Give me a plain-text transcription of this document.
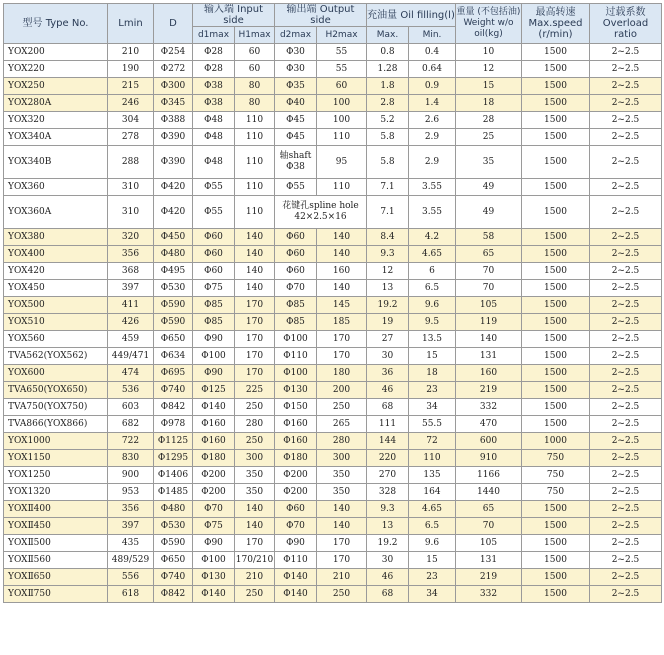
型号 Type No.	Lmin	D	输入端 Input side		输出端 Output side		充油量 Oil filling(l)		重量 (不包括油) Weight w/o oil(kg)	最高转速 Max.speed (r/min)	过载系数 Overload ratio
			d1max	H1max	d2max	H2max	Max.	Min.			
YOX200	210	Φ254	Φ28	60	Φ30	55	0.8	0.4	10	1500	2~2.5
YOX220	190	Φ272	Φ28	60	Φ30	55	1.28	0.64	12	1500	2~2.5
YOX250	215	Φ300	Φ38	80	Φ35	60	1.8	0.9	15	1500	2~2.5
YOX280A	246	Φ345	Φ38	80	Φ40	100	2.8	1.4	18	1500	2~2.5
YOX320	304	Φ388	Φ48	110	Φ45	100	5.2	2.6	28	1500	2~2.5
YOX340A	278	Φ390	Φ48	110	Φ45	110	5.8	2.9	25	1500	2~2.5
YOX340B	288	Φ390	Φ48	110	轴shaft Φ38	95	5.8	2.9	35	1500	2~2.5
YOX360	310	Φ420	Φ55	110	Φ55	110	7.1	3.55	49	1500	2~2.5
YOX360A	310	Φ420	Φ55	110	花键孔spline hole 42×2.5×16		7.1	3.55	49	1500	2~2.5
YOX380	320	Φ450	Φ60	140	Φ60	140	8.4	4.2	58	1500	2~2.5
YOX400	356	Φ480	Φ60	140	Φ60	140	9.3	4.65	65	1500	2~2.5
YOX420	368	Φ495	Φ60	140	Φ60	160	12	6	70	1500	2~2.5
YOX450	397	Φ530	Φ75	140	Φ70	140	13	6.5	70	1500	2~2.5
YOX500	411	Φ590	Φ85	170	Φ85	145	19.2	9.6	105	1500	2~2.5
YOX510	426	Φ590	Φ85	170	Φ85	185	19	9.5	119	1500	2~2.5
YOX560	459	Φ650	Φ90	170	Φ100	170	27	13.5	140	1500	2~2.5
TVA562(YOX562)	449/471	Φ634	Φ100	170	Φ110	170	30	15	131	1500	2~2.5
YOX600	474	Φ695	Φ90	170	Φ100	180	36	18	160	1500	2~2.5
TVA650(YOX650)	536	Φ740	Φ125	225	Φ130	200	46	23	219	1500	2~2.5
TVA750(YOX750)	603	Φ842	Φ140	250	Φ150	250	68	34	332	1500	2~2.5
TVA866(YOX866)	682	Φ978	Φ160	280	Φ160	265	111	55.5	470	1500	2~2.5
YOX1000	722	Φ1125	Φ160	250	Φ160	280	144	72	600	1000	2~2.5
YOX1150	830	Φ1295	Φ180	300	Φ180	300	220	110	910	750	2~2.5
YOX1250	900	Φ1406	Φ200	350	Φ200	350	270	135	1166	750	2~2.5
YOX1320	953	Φ1485	Φ200	350	Φ200	350	328	164	1440	750	2~2.5
YOXⅡ400	356	Φ480	Φ70	140	Φ60	140	9.3	4.65	65	1500	2~2.5
YOXⅡ450	397	Φ530	Φ75	140	Φ70	140	13	6.5	70	1500	2~2.5
YOXⅡ500	435	Φ590	Φ90	170	Φ90	170	19.2	9.6	105	1500	2~2.5
YOXⅡ560	489/529	Φ650	Φ100	170/210	Φ110	170	30	15	131	1500	2~2.5
YOXⅡ650	556	Φ740	Φ130	210	Φ140	210	46	23	219	1500	2~2.5
YOXⅡ750	618	Φ842	Φ140	250	Φ140	250	68	34	332	1500	2~2.5
